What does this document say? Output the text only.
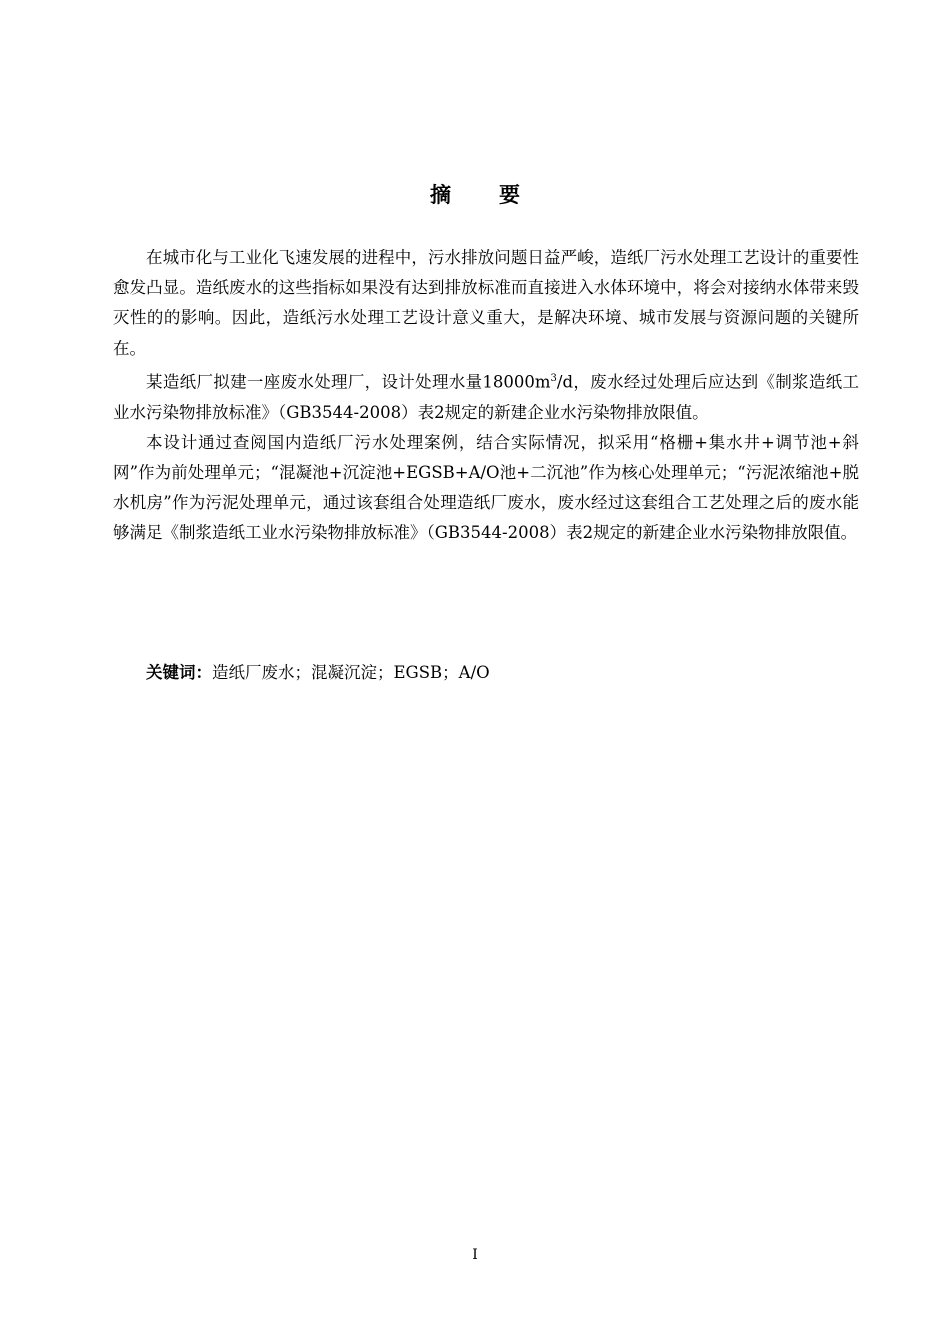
摘 要

在城市化与工业化飞速发展的进程中，污水排放问题日益严峻，造纸厂污水处理工艺设计的重要性愈发凸显。造纸废水的这些指标如果没有达到排放标准而直接进入水体环境中，将会对接纳水体带来毁灭性的的影响。因此，造纸污水处理工艺设计意义重大，是解决环境、城市发展与资源问题的关键所在。

某造纸厂拟建一座废水处理厂，设计处理水量$18000m^3/d$，废水经过处理后应达到《制浆造纸工业水污染物排放标准》（GB3544-2008）表2规定的新建企业水污染物排放限值。

本设计通过查阅国内造纸厂污水处理案例，结合实际情况，拟采用“格栅+集水井+调节池+斜网”作为前处理单元；“混凝池+沉淀池+EGSB+A/O池+二沉池”作为核心处理单元；“污泥浓缩池+脱水机房”作为污泥处理单元，通过该套组合处理造纸厂废水，废水经过这套组合工艺处理之后的废水能够满足《制浆造纸工业水污染物排放标准》（GB3544-2008）表2规定的新建企业水污染物排放限值。

关键词：造纸厂废水；混凝沉淀；EGSB；A/O
I
